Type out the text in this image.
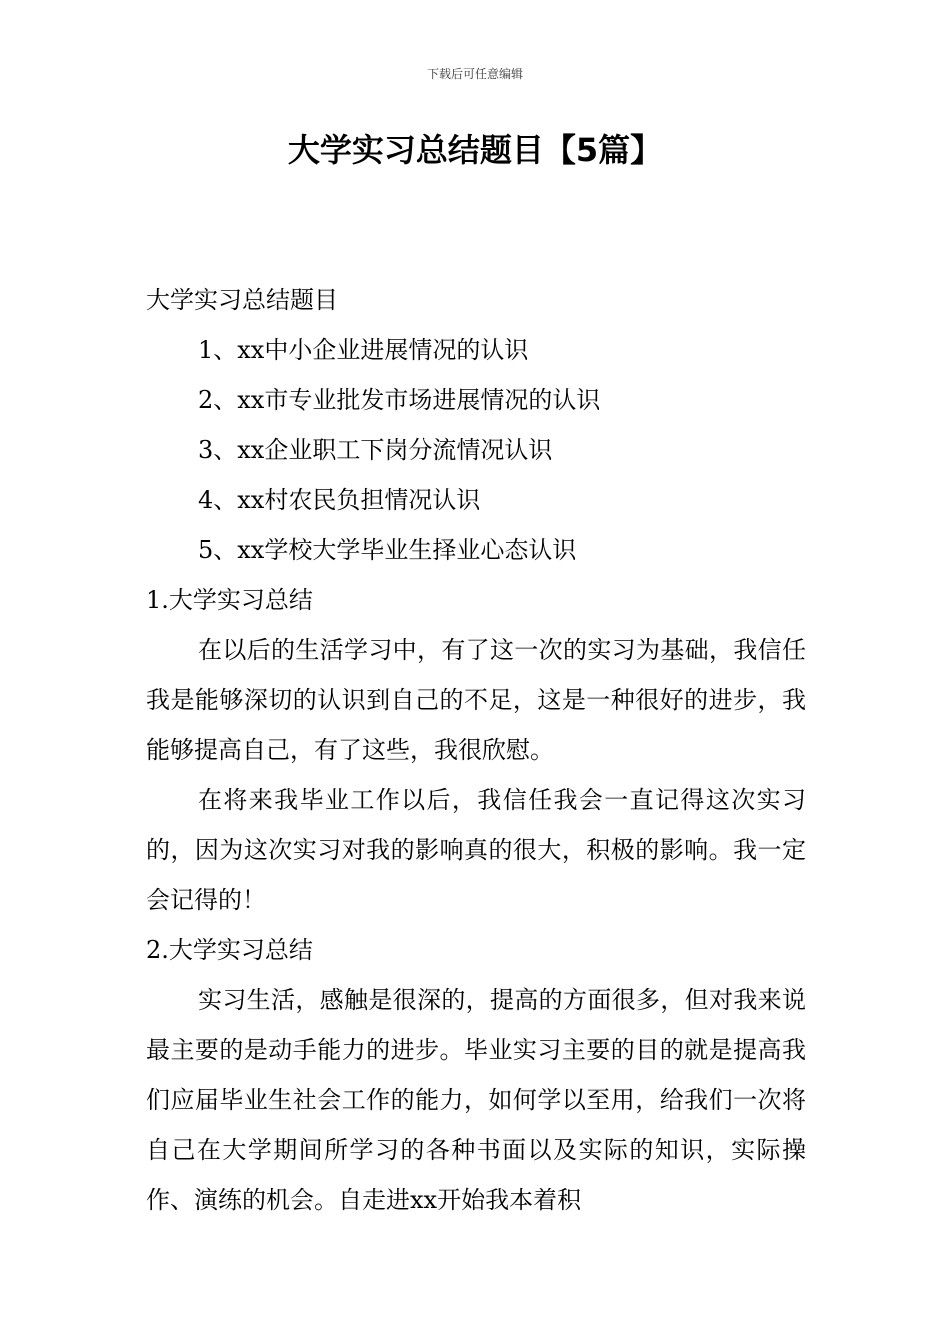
下载后可任意编辑
大学实习总结题目【5篇】

大学实习总结题目

1、xx中小企业进展情况的认识

2、xx市专业批发市场进展情况的认识

3、xx企业职工下岗分流情况认识

4、xx村农民负担情况认识

5、xx学校大学毕业生择业心态认识

1.大学实习总结

在以后的生活学习中，有了这一次的实习为基础，我信任我是能够深切的认识到自己的不足，这是一种很好的进步，我能够提高自己，有了这些，我很欣慰。

在将来我毕业工作以后，我信任我会一直记得这次实习的，因为这次实习对我的影响真的很大，积极的影响。我一定会记得的！

2.大学实习总结

实习生活，感触是很深的，提高的方面很多，但对我来说最主要的是动手能力的进步。毕业实习主要的目的就是提高我们应届毕业生社会工作的能力，如何学以至用，给我们一次将自己在大学期间所学习的各种书面以及实际的知识，实际操作、演练的机会。自走进xx开始我本着积
